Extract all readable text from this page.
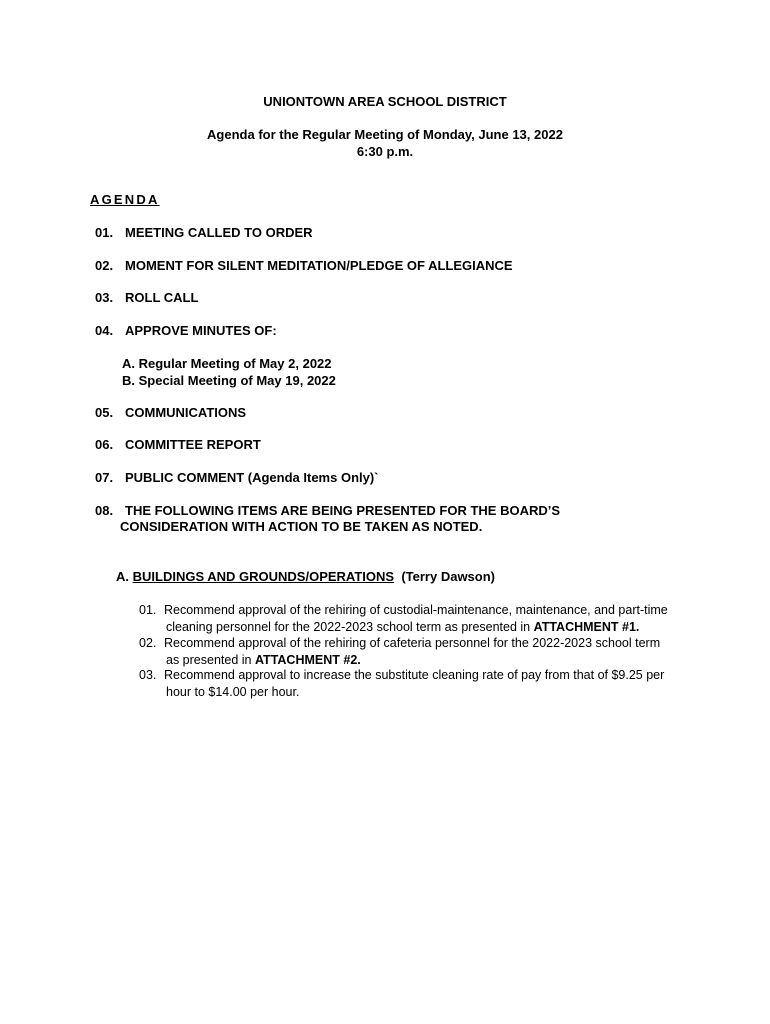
UNIONTOWN AREA SCHOOL DISTRICT
Agenda for the Regular Meeting of Monday, June 13, 2022
6:30 p.m.
AGENDA
01. MEETING CALLED TO ORDER
02. MOMENT FOR SILENT MEDITATION/PLEDGE OF ALLEGIANCE
03. ROLL CALL
04. APPROVE MINUTES OF:
A. Regular Meeting of May 2, 2022
B. Special Meeting of May 19, 2022
05. COMMUNICATIONS
06. COMMITTEE REPORT
07. PUBLIC COMMENT (Agenda Items Only)`
08. THE FOLLOWING ITEMS ARE BEING PRESENTED FOR THE BOARD’S
CONSIDERATION WITH ACTION TO BE TAKEN AS NOTED.
A. BUILDINGS AND GROUNDS/OPERATIONS (Terry Dawson)
01. Recommend approval of the rehiring of custodial-maintenance, maintenance, and part-time
cleaning personnel for the 2022-2023 school term as presented in ATTACHMENT #1.
02. Recommend approval of the rehiring of cafeteria personnel for the 2022-2023 school term
as presented in ATTACHMENT #2.
03. Recommend approval to increase the substitute cleaning rate of pay from that of $9.25 per
hour to $14.00 per hour.
